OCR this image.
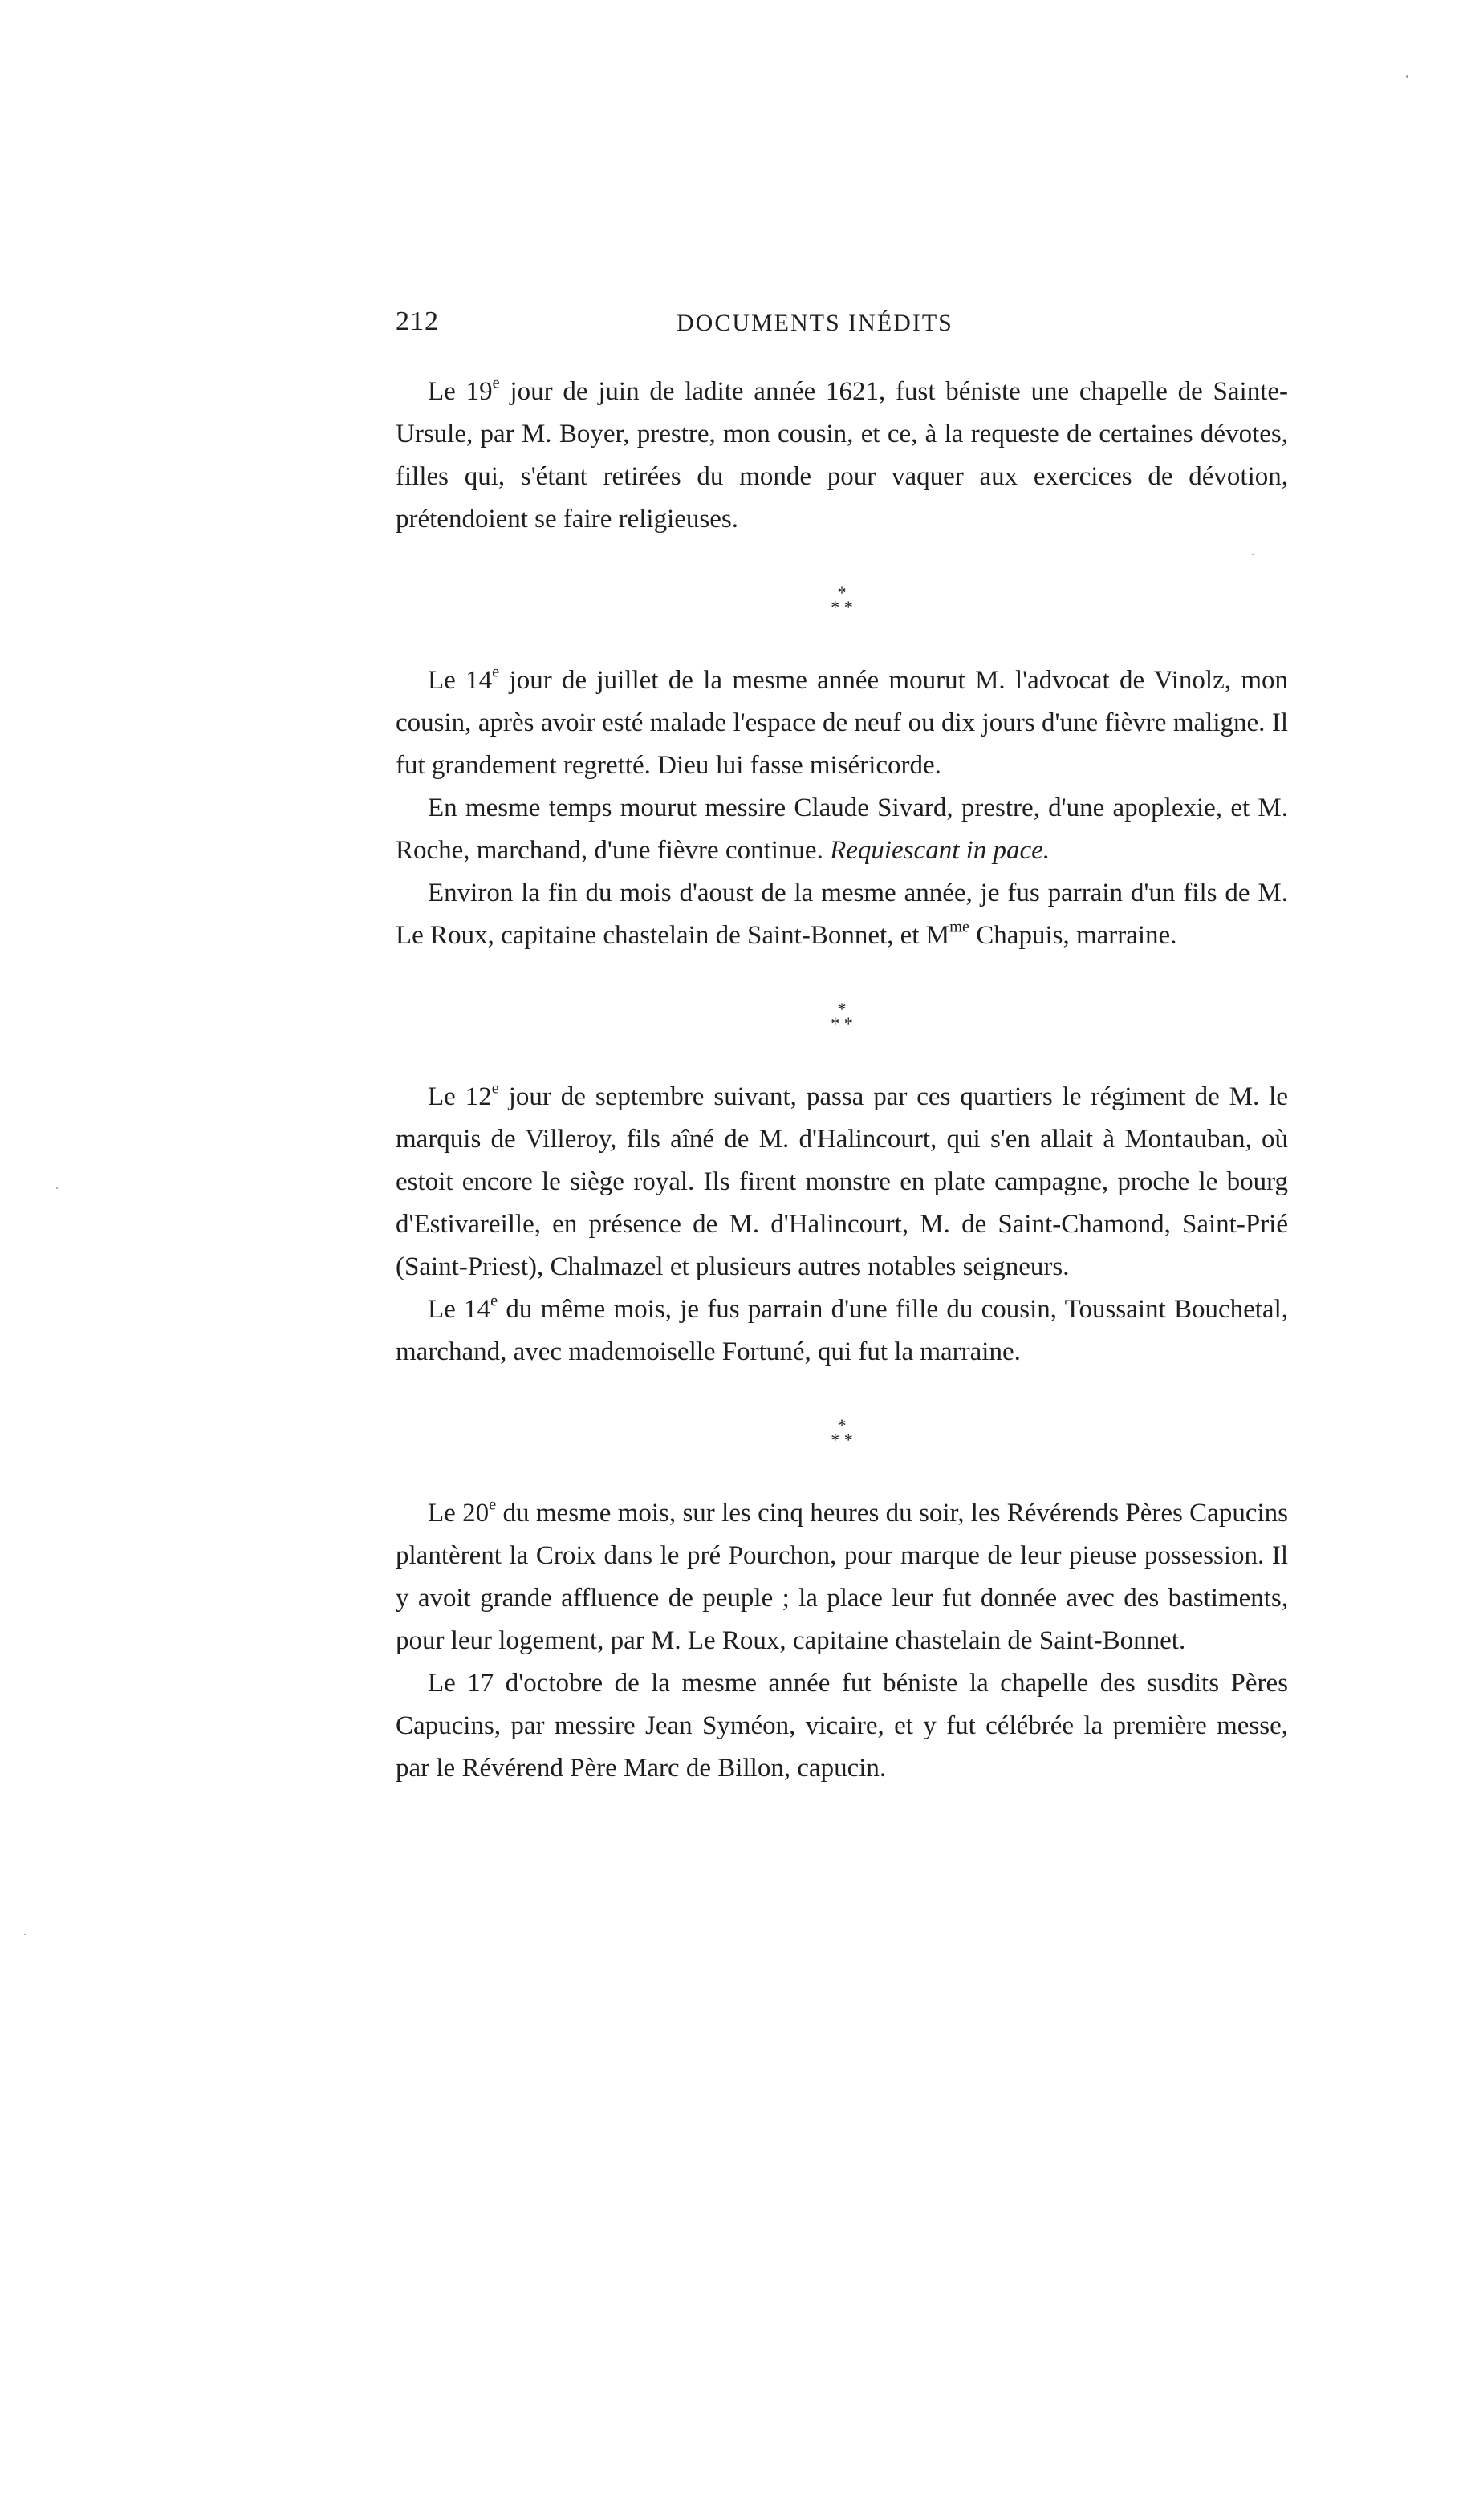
212	DOCUMENTS INÉDITS

Le 19e jour de juin de ladite année 1621, fust béniste une chapelle de Sainte-Ursule, par M. Boyer, prestre, mon cousin, et ce, à la requeste de certaines dévotes, filles qui, s'étant retirées du monde pour vaquer aux exercices de dévotion, prétendoient se faire religieuses.

*
* *

Le 14e jour de juillet de la mesme année mourut M. l'advocat de Vinolz, mon cousin, après avoir esté malade l'espace de neuf ou dix jours d'une fièvre maligne. Il fut grandement regretté. Dieu lui fasse miséricorde.

En mesme temps mourut messire Claude Sivard, prestre, d'une apoplexie, et M. Roche, marchand, d'une fièvre continue. Requiescant in pace.

Environ la fin du mois d'aoust de la mesme année, je fus parrain d'un fils de M. Le Roux, capitaine chastelain de Saint-Bonnet, et $M^{me}$ Chapuis, marraine.

*
* *

Le 12e jour de septembre suivant, passa par ces quartiers le régiment de M. le marquis de Villeroy, fils aîné de M. d'Halincourt, qui s'en allait à Montauban, où estoit encore le siège royal. Ils firent monstre en plate campagne, proche le bourg d'Estivareille, en présence de M. d'Halincourt, M. de Saint-Chamond, Saint-Prié (Saint-Priest), Chalmazel et plusieurs autres notables seigneurs.

Le 14e du même mois, je fus parrain d'une fille du cousin, Toussaint Bouchetal, marchand, avec mademoiselle Fortuné, qui fut la marraine.

*
* *

Le 20e du mesme mois, sur les cinq heures du soir, les Révérends Pères Capucins plantèrent la Croix dans le pré Pourchon, pour marque de leur pieuse possession. Il y avoit grande affluence de peuple ; la place leur fut donnée avec des bastiments, pour leur logement, par M. Le Roux, capitaine chastelain de Saint-Bonnet.

Le 17 d'octobre de la mesme année fut béniste la chapelle des susdits Pères Capucins, par messire Jean Syméon, vicaire, et y fut célébrée la première messe, par le Révérend Père Marc de Billon, capucin.
